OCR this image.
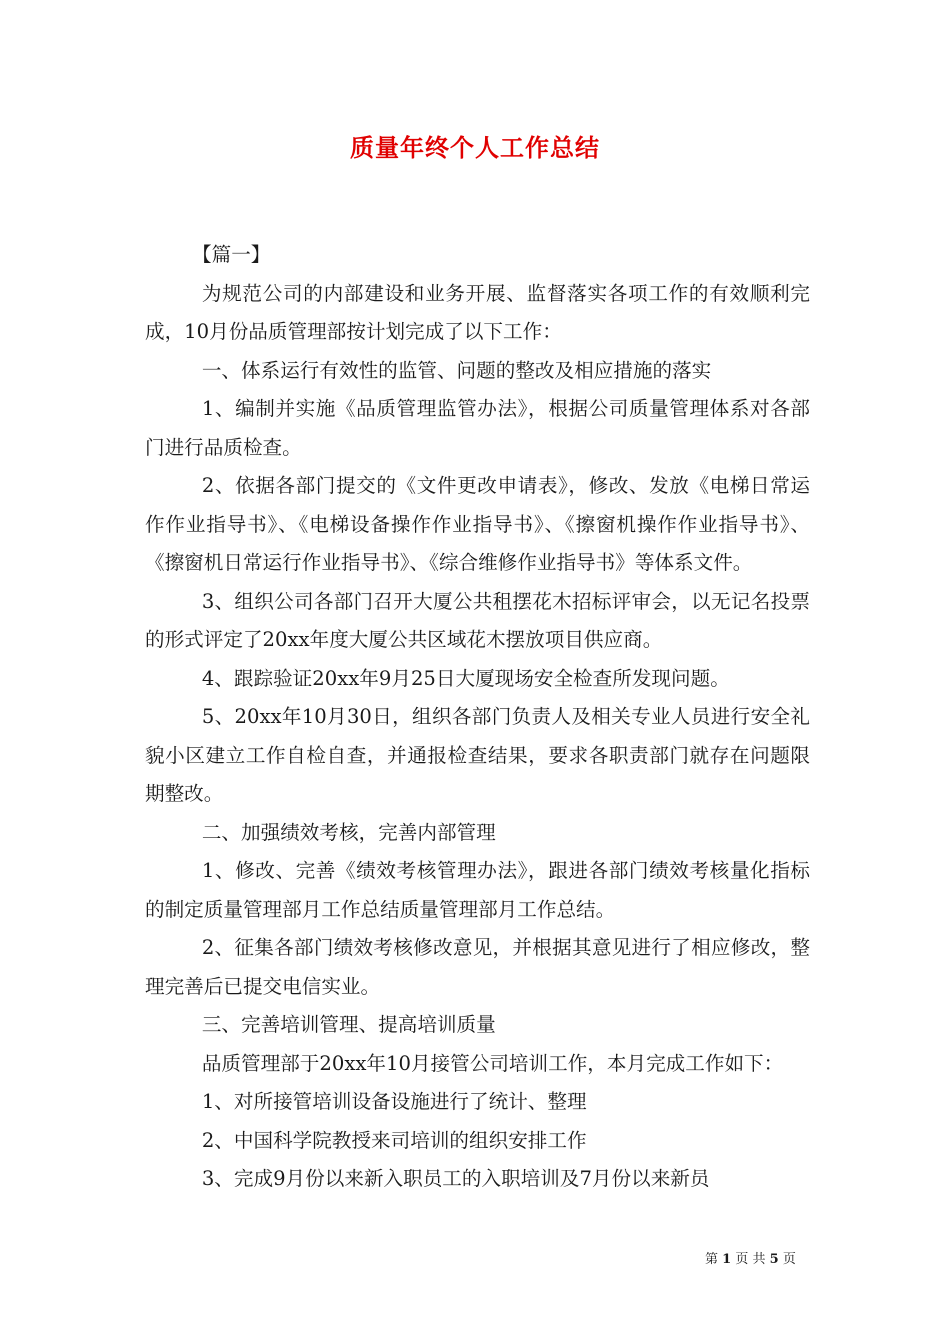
质量年终个人工作总结

【篇一】

为规范公司的内部建设和业务开展、监督落实各项工作的有效顺利完成，10月份品质管理部按计划完成了以下工作：

一、体系运行有效性的监管、问题的整改及相应措施的落实

1、编制并实施《品质管理监管办法》，根据公司质量管理体系对各部门进行品质检查。

2、依据各部门提交的《文件更改申请表》，修改、发放《电梯日常运作作业指导书》、《电梯设备操作作业指导书》、《擦窗机操作作业指导书》、《擦窗机日常运行作业指导书》、《综合维修作业指导书》等体系文件。

3、组织公司各部门召开大厦公共租摆花木招标评审会，以无记名投票的形式评定了20xx年度大厦公共区域花木摆放项目供应商。

4、跟踪验证20xx年9月25日大厦现场安全检查所发现问题。

5、20xx年10月30日，组织各部门负责人及相关专业人员进行安全礼貌小区建立工作自检自查，并通报检查结果，要求各职责部门就存在问题限期整改。

二、加强绩效考核，完善内部管理

1、修改、完善《绩效考核管理办法》，跟进各部门绩效考核量化指标的制定质量管理部月工作总结质量管理部月工作总结。

2、征集各部门绩效考核修改意见，并根据其意见进行了相应修改，整理完善后已提交电信实业。

三、完善培训管理、提高培训质量

品质管理部于20xx年10月接管公司培训工作，本月完成工作如下：

1、对所接管培训设备设施进行了统计、整理

2、中国科学院教授来司培训的组织安排工作

3、完成9月份以来新入职员工的入职培训及7月份以来新员

第 1 页 共 5 页
